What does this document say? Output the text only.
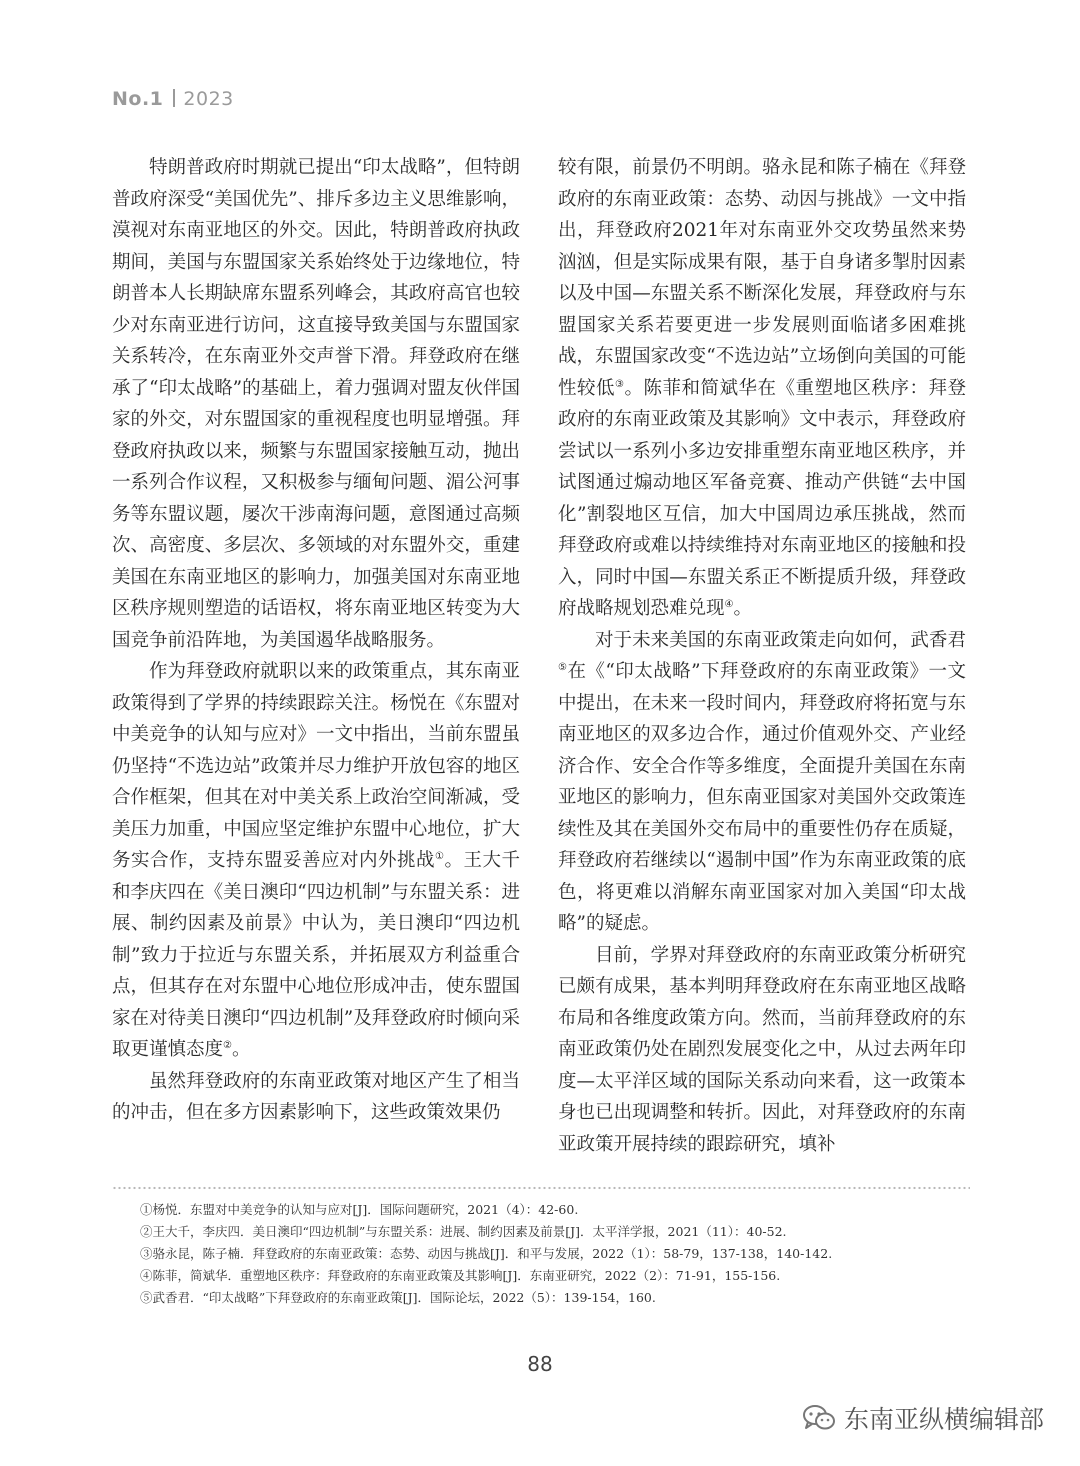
No.1 2023

特朗普政府时期就已提出“印太战略”，但特朗普政府深受“美国优先”、排斥多边主义思维影响，漠视对东南亚地区的外交。因此，特朗普政府执政期间，美国与东盟国家关系始终处于边缘地位，特朗普本人长期缺席东盟系列峰会，其政府高官也较少对东南亚进行访问，这直接导致美国与东盟国家关系转冷，在东南亚外交声誉下滑。拜登政府在继承了“印太战略”的基础上，着力强调对盟友伙伴国家的外交，对东盟国家的重视程度也明显增强。拜登政府执政以来，频繁与东盟国家接触互动，抛出一系列合作议程，又积极参与缅甸问题、湄公河事务等东盟议题，屡次干涉南海问题，意图通过高频次、高密度、多层次、多领域的对东盟外交，重建美国在东南亚地区的影响力，加强美国对东南亚地区秩序规则塑造的话语权，将东南亚地区转变为大国竞争前沿阵地，为美国遏华战略服务。

作为拜登政府就职以来的政策重点，其东南亚政策得到了学界的持续跟踪关注。杨悦在《东盟对中美竞争的认知与应对》一文中指出，当前东盟虽仍坚持“不选边站”政策并尽力维护开放包容的地区合作框架，但其在对中美关系上政治空间渐减，受美压力加重，中国应坚定维护东盟中心地位，扩大务实合作，支持东盟妥善应对内外挑战①。王大千和李庆四在《美日澳印“四边机制”与东盟关系：进展、制约因素及前景》中认为，美日澳印“四边机制”致力于拉近与东盟关系，并拓展双方利益重合点，但其存在对东盟中心地位形成冲击，使东盟国家在对待美日澳印“四边机制”及拜登政府时倾向采取更谨慎态度②。

虽然拜登政府的东南亚政策对地区产生了相当的冲击，但在多方因素影响下，这些政策效果仍

较有限，前景仍不明朗。骆永昆和陈子楠在《拜登政府的东南亚政策：态势、动因与挑战》一文中指出，拜登政府2021年对东南亚外交攻势虽然来势汹汹，但是实际成果有限，基于自身诸多掣肘因素以及中国—东盟关系不断深化发展，拜登政府与东盟国家关系若要更进一步发展则面临诸多困难挑战，东盟国家改变“不选边站”立场倒向美国的可能性较低③。陈菲和简斌华在《重塑地区秩序：拜登政府的东南亚政策及其影响》文中表示，拜登政府尝试以一系列小多边安排重塑东南亚地区秩序，并试图通过煽动地区军备竞赛、推动产供链“去中国化”割裂地区互信，加大中国周边承压挑战，然而拜登政府或难以持续维持对东南亚地区的接触和投入，同时中国—东盟关系正不断提质升级，拜登政府战略规划恐难兑现④。

对于未来美国的东南亚政策走向如何，武香君⑤在《“印太战略”下拜登政府的东南亚政策》一文中提出，在未来一段时间内，拜登政府将拓宽与东南亚地区的双多边合作，通过价值观外交、产业经济合作、安全合作等多维度，全面提升美国在东南亚地区的影响力，但东南亚国家对美国外交政策连续性及其在美国外交布局中的重要性仍存在质疑，拜登政府若继续以“遏制中国”作为东南亚政策的底色，将更难以消解东南亚国家对加入美国“印太战略”的疑虑。

目前，学界对拜登政府的东南亚政策分析研究已颇有成果，基本判明拜登政府在东南亚地区战略布局和各维度政策方向。然而，当前拜登政府的东南亚政策仍处在剧烈发展变化之中，从过去两年印度—太平洋区域的国际关系动向来看，这一政策本身也已出现调整和转折。因此，对拜登政府的东南亚政策开展持续的跟踪研究，填补

①杨悦．东盟对中美竞争的认知与应对[J]．国际问题研究，2021（4）：42-60.
②王大千，李庆四．美日澳印“四边机制”与东盟关系：进展、制约因素及前景[J]．太平洋学报，2021（11）：40-52.
③骆永昆，陈子楠．拜登政府的东南亚政策：态势、动因与挑战[J]．和平与发展，2022（1）：58-79，137-138，140-142.
④陈菲，简斌华．重塑地区秩序：拜登政府的东南亚政策及其影响[J]．东南亚研究，2022（2）：71-91，155-156.
⑤武香君．“印太战略”下拜登政府的东南亚政策[J]．国际论坛，2022（5）：139-154，160.
88
东南亚纵横编辑部
